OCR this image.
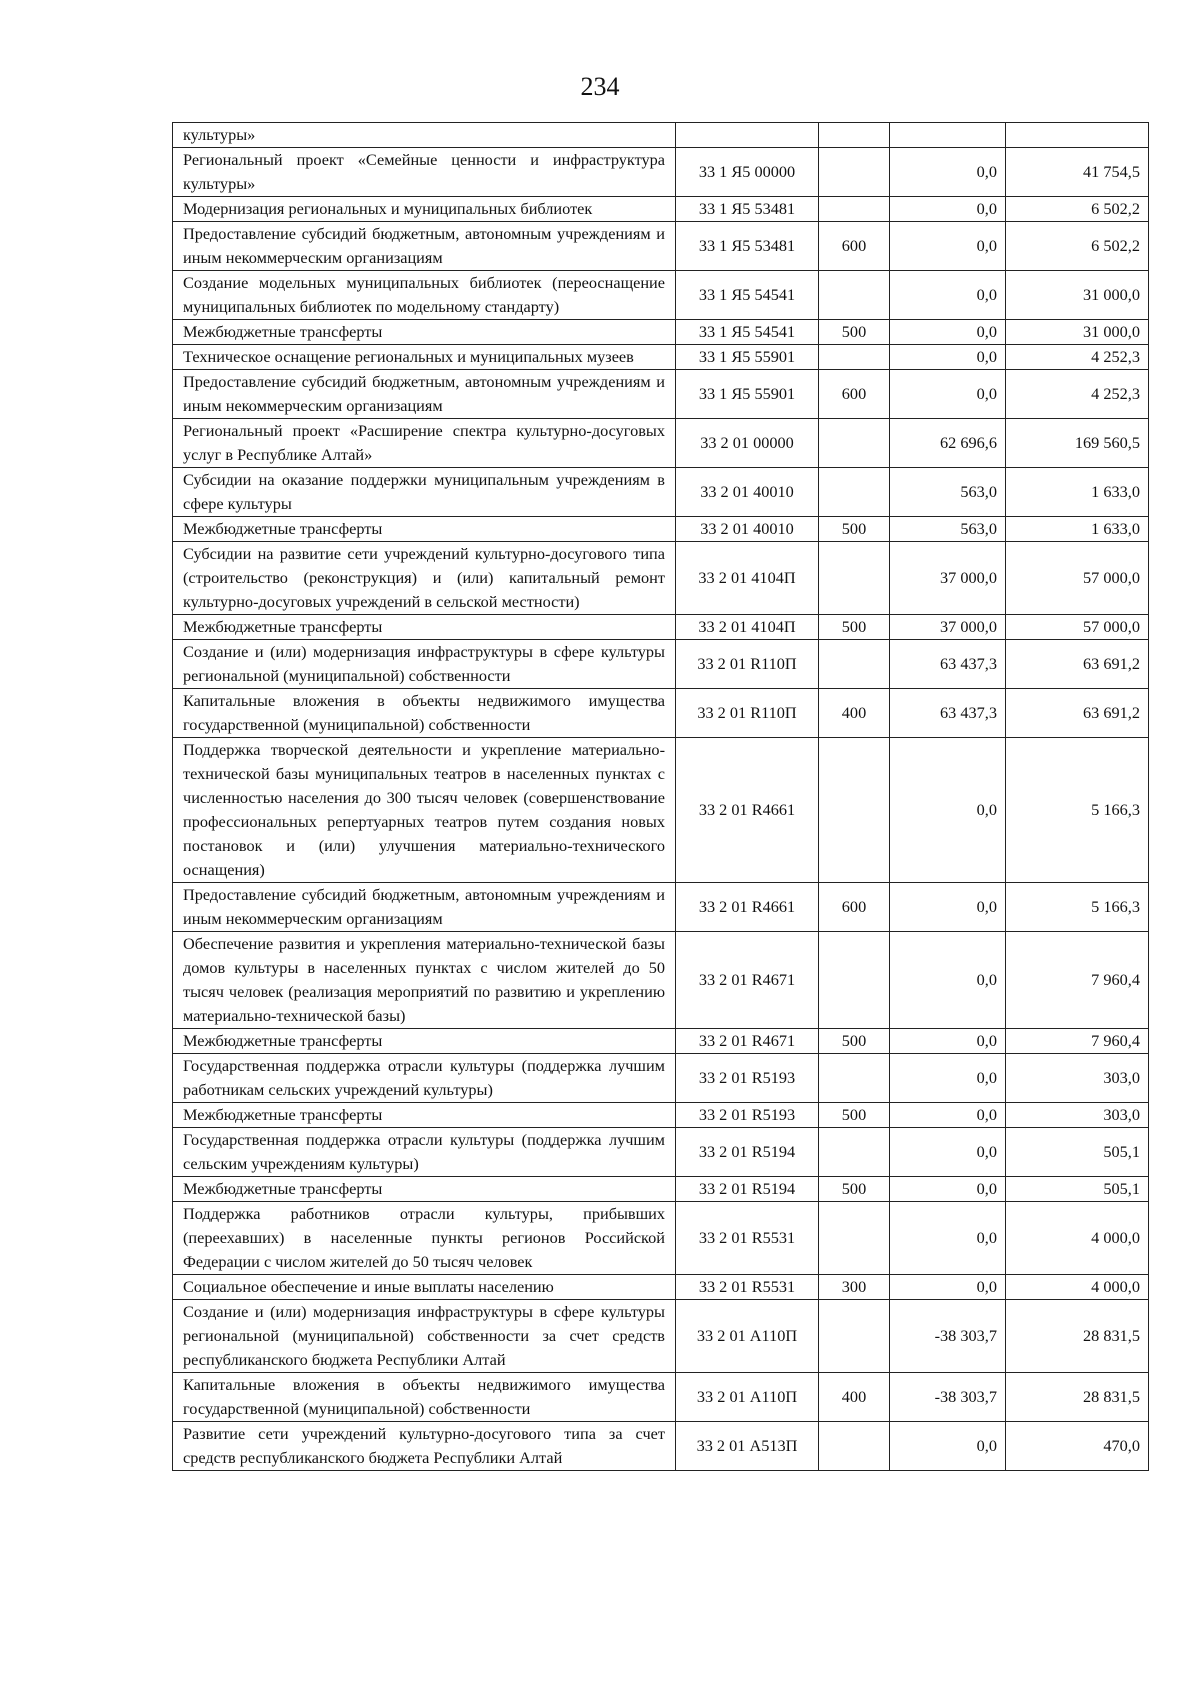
234
культуры»				
Региональный проект «Семейные ценности и инфраструктура культуры»	33 1 Я5 00000		0,0	41 754,5
Модернизация региональных и муниципальных библиотек	33 1 Я5 53481		0,0	6 502,2
Предоставление субсидий бюджетным, автономным учреждениям и иным некоммерческим организациям	33 1 Я5 53481	600	0,0	6 502,2
Создание модельных муниципальных библиотек (переоснащение муниципальных библиотек по модельному стандарту)	33 1 Я5 54541		0,0	31 000,0
Межбюджетные трансферты	33 1 Я5 54541	500	0,0	31 000,0
Техническое оснащение региональных и муниципальных музеев	33 1 Я5 55901		0,0	4 252,3
Предоставление субсидий бюджетным, автономным учреждениям и иным некоммерческим организациям	33 1 Я5 55901	600	0,0	4 252,3
Региональный проект «Расширение спектра культурно-досуговых услуг в Республике Алтай»	33 2 01 00000		62 696,6	169 560,5
Субсидии на оказание поддержки муниципальным учреждениям в сфере культуры	33 2 01 40010		563,0	1 633,0
Межбюджетные трансферты	33 2 01 40010	500	563,0	1 633,0
Субсидии на развитие сети учреждений культурно-досугового типа (строительство (реконструкция) и (или) капитальный ремонт культурно-досуговых учреждений в сельской местности)	33 2 01 4104П		37 000,0	57 000,0
Межбюджетные трансферты	33 2 01 4104П	500	37 000,0	57 000,0
Создание и (или) модернизация инфраструктуры в сфере культуры региональной (муниципальной) собственности	33 2 01 R110П		63 437,3	63 691,2
Капитальные вложения в объекты недвижимого имущества государственной (муниципальной) собственности	33 2 01 R110П	400	63 437,3	63 691,2
Поддержка творческой деятельности и укрепление материально-технической базы муниципальных театров в населенных пунктах с численностью населения до 300 тысяч человек (совершенствование профессиональных репертуарных театров путем создания новых постановок и (или) улучшения материально-технического оснащения)	33 2 01 R4661		0,0	5 166,3
Предоставление субсидий бюджетным, автономным учреждениям и иным некоммерческим организациям	33 2 01 R4661	600	0,0	5 166,3
Обеспечение развития и укрепления материально-технической базы домов культуры в населенных пунктах с числом жителей до 50 тысяч человек (реализация мероприятий по развитию и укреплению материально-технической базы)	33 2 01 R4671		0,0	7 960,4
Межбюджетные трансферты	33 2 01 R4671	500	0,0	7 960,4
Государственная поддержка отрасли культуры (поддержка лучшим работникам сельских учреждений культуры)	33 2 01 R5193		0,0	303,0
Межбюджетные трансферты	33 2 01 R5193	500	0,0	303,0
Государственная поддержка отрасли культуры (поддержка лучшим сельским учреждениям культуры)	33 2 01 R5194		0,0	505,1
Межбюджетные трансферты	33 2 01 R5194	500	0,0	505,1
Поддержка работников отрасли культуры, прибывших (переехавших) в населенные пункты регионов Российской Федерации с числом жителей до 50 тысяч человек	33 2 01 R5531		0,0	4 000,0
Социальное обеспечение и иные выплаты населению	33 2 01 R5531	300	0,0	4 000,0
Создание и (или) модернизация инфраструктуры в сфере культуры региональной (муниципальной) собственности за счет средств республиканского бюджета Республики Алтай	33 2 01 А110П		-38 303,7	28 831,5
Капитальные вложения в объекты недвижимого имущества государственной (муниципальной) собственности	33 2 01 А110П	400	-38 303,7	28 831,5
Развитие сети учреждений культурно-досугового типа за счет средств республиканского бюджета Республики Алтай	33 2 01 А513П		0,0	470,0
